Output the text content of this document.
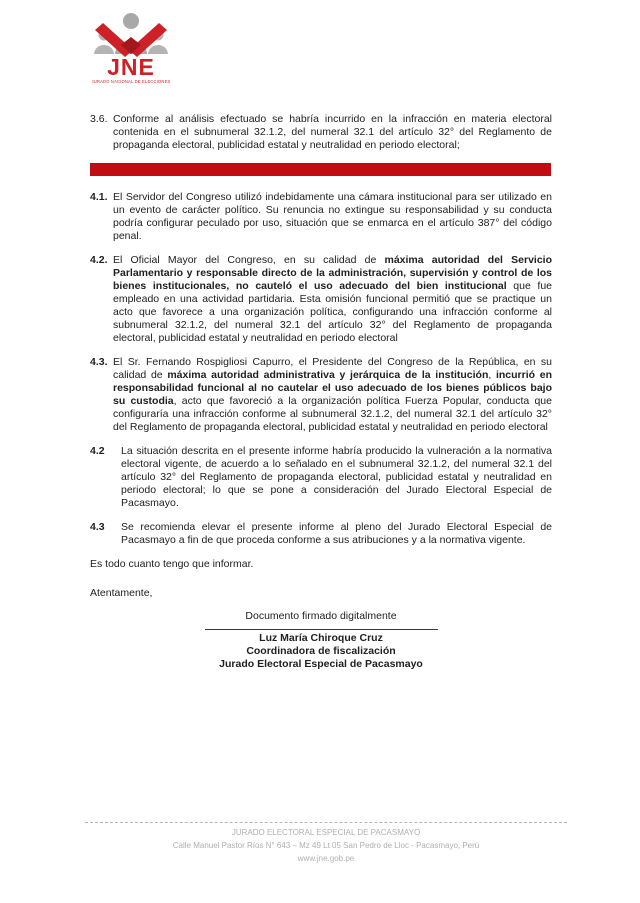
JNE
JURADO NACIONAL DE ELECCIONES
3.6. Conforme al análisis efectuado se habría incurrido en la infracción en materia electoral contenida en el subnumeral 32.1.2, del numeral 32.1 del artículo 32° del Reglamento de propaganda electoral, publicidad estatal y neutralidad en periodo electoral;
4.1. El Servidor del Congreso utilizó indebidamente una cámara institucional para ser utilizado en un evento de carácter político. Su renuncia no extingue su responsabilidad y su conducta podría configurar peculado por uso, situación que se enmarca en el artículo 387° del código penal.
4.2. El Oficial Mayor del Congreso, en su calidad de máxima autoridad del Servicio Parlamentario y responsable directo de la administración, supervisión y control de los bienes institucionales, no cauteló el uso adecuado del bien institucional que fue empleado en una actividad partidaria. Esta omisión funcional permitió que se practique un acto que favorece a una organización política, configurando una infracción conforme al subnumeral 32.1.2, del numeral 32.1 del artículo 32° del Reglamento de propaganda electoral, publicidad estatal y neutralidad en periodo electoral
4.3. El Sr. Fernando Rospigliosi Capurro, el Presidente del Congreso de la República, en su calidad de máxima autoridad administrativa y jerárquica de la institución, incurrió en responsabilidad funcional al no cautelar el uso adecuado de los bienes públicos bajo su custodia, acto que favoreció a la organización política Fuerza Popular, conducta que configuraría una infracción conforme al subnumeral 32.1.2, del numeral 32.1 del artículo 32° del Reglamento de propaganda electoral, publicidad estatal y neutralidad en periodo electoral
4.2	La situación descrita en el presente informe habría producido la vulneración a la normativa electoral vigente, de acuerdo a lo señalado en el subnumeral 32.1.2, del numeral 32.1 del artículo 32° del Reglamento de propaganda electoral, publicidad estatal y neutralidad en periodo electoral; lo que se pone a consideración del Jurado Electoral Especial de Pacasmayo.
4.3	Se recomienda elevar el presente informe al pleno del Jurado Electoral Especial de Pacasmayo a fin de que proceda conforme a sus atribuciones y a la normativa vigente.
Es todo cuanto tengo que informar.
Atentamente,
Documento firmado digitalmente
Luz María Chiroque Cruz
Coordinadora de fiscalización
Jurado Electoral Especial de Pacasmayo
JURADO ELECTORAL ESPECIAL DE PACASMAYO
Calle Manuel Pastor Ríos N° 643 – Mz 49 Lt 05 San Pedro de Lloc - Pacasmayo, Perú
www.jne.gob.pe
